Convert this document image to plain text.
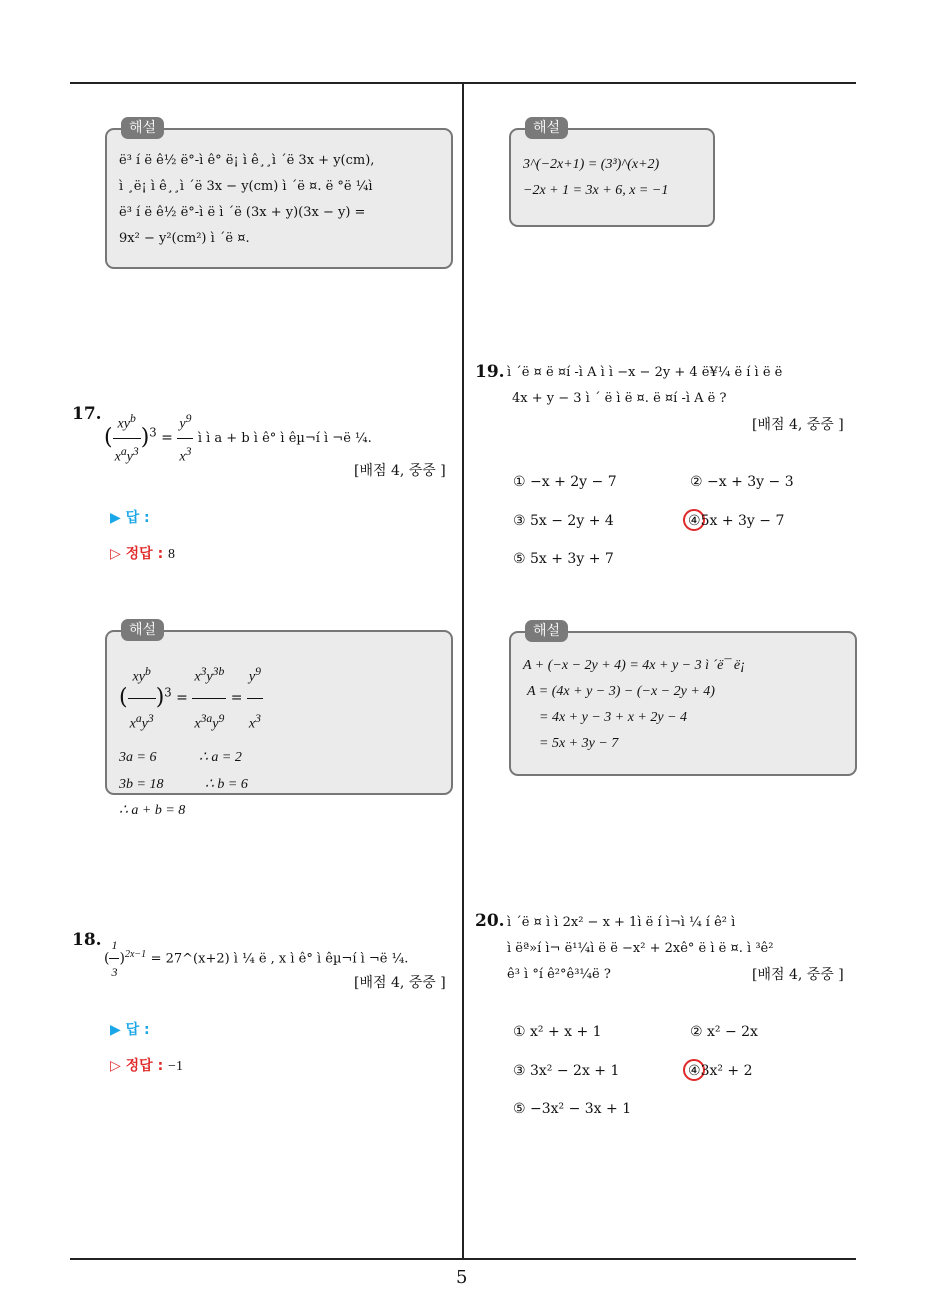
해설
ë³ í ë ê½ ë°-ì ê° ë¡ ì ê¸¸ì ´ë 3x + y(cm),
ì ¸ë¡ ì ê¸¸ì ´ë 3x − y(cm) ì ´ë ¤. ë °ë ¼ì
ë³ í ë ê½ ë°-ì ë ì ´ë (3x + y)(3x − y) =
9x² − y²(cm²) ì ´ë ¤.
17.
( $\frac{xy^b}{x^ay^3} )^3 = \frac{y^9}{x^3}$ ì ì a + b ì ê° ì êµ¬í ì ¬ë ¼.
[배점 4, 중중 ]
▶ 답 :
▷ 정답 : 8
해설
( $\frac{xy^b}{x^ay^3} )^3 = \frac{x^3y^{3b}}{x^{3a}y^9} = \frac{y^9}{x^3}$
3a = 6	∴ a = 2
3b = 18	∴ b = 6
∴ a + b = 8
18.
( $\frac{1}{3} )^{2x-1}$ = 27^(x+2) ì ¼ ë , x ì ê° ì êµ¬í ì ¬ë ¼.
[배점 4, 중중 ]
▶ 답 :
▷ 정답 : −1
해설
3^(−2x+1) = (3³)^(x+2)
−2x + 1 = 3x + 6, x = −1
19. ì ´ë ¤ ë ¤í -ì A ì ì −x − 2y + 4 ë¥¼ ë í ì ë ë
4x + y − 3 ì ´ ë ì ë ¤. ë ¤í -ì A ë ?
[배점 4, 중중 ]
① −x + 2y − 7	② −x + 3y − 3
③ 5x − 2y + 4	④5x + 3y − 7
⑤ 5x + 3y + 7
해설
A + (−x − 2y + 4) = 4x + y − 3 ì ´ë¯ ë¡
A = (4x + y − 3) − (−x − 2y + 4)
= 4x + y − 3 + x + 2y − 4
= 5x + 3y − 7
20. ì ´ë ¤ ì ì 2x² − x + 1ì ë í ì¬ì ¼ í ê² ì
ì ëª»í ì¬ ë¹¼ì ë ë −x² + 2xê° ë ì ë ¤. ì ³ê²
ê³ ì °í ê²°ê³¼ë ?	[배점 4, 중중 ]
① x² + x + 1	② x² − 2x
③ 3x² − 2x + 1	④3x² + 2
⑤ −3x² − 3x + 1
5
